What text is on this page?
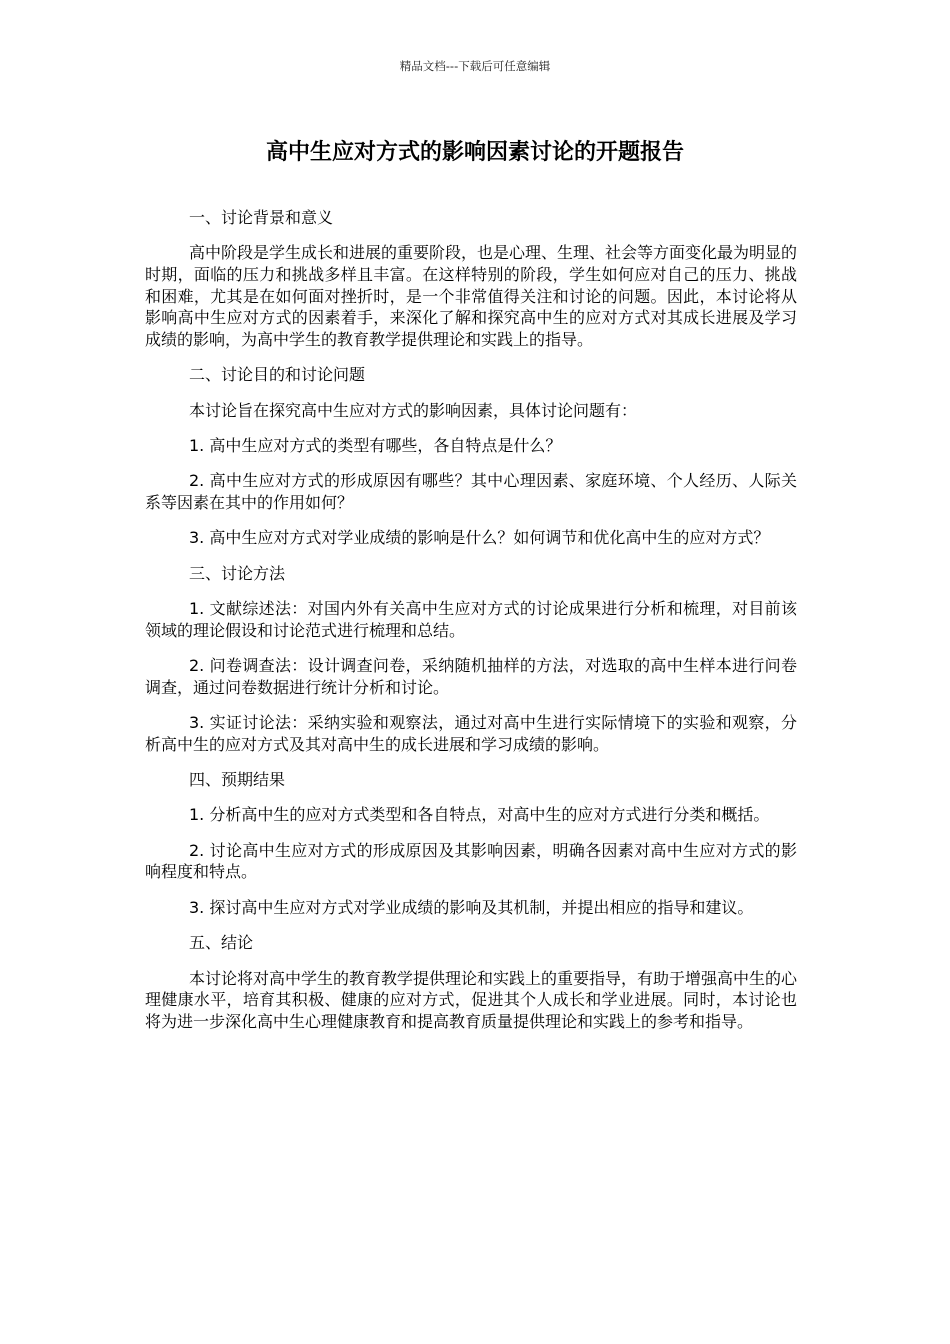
精品文档---下载后可任意编辑
高中生应对方式的影响因素讨论的开题报告

一、讨论背景和意义

高中阶段是学生成长和进展的重要阶段，也是心理、生理、社会等方面变化最为明显的时期，面临的压力和挑战多样且丰富。在这样特别的阶段，学生如何应对自己的压力、挑战和困难，尤其是在如何面对挫折时，是一个非常值得关注和讨论的问题。因此，本讨论将从影响高中生应对方式的因素着手，来深化了解和探究高中生的应对方式对其成长进展及学习成绩的影响，为高中学生的教育教学提供理论和实践上的指导。

二、讨论目的和讨论问题

本讨论旨在探究高中生应对方式的影响因素，具体讨论问题有：

1. 高中生应对方式的类型有哪些，各自特点是什么？

2. 高中生应对方式的形成原因有哪些？其中心理因素、家庭环境、个人经历、人际关系等因素在其中的作用如何？

3. 高中生应对方式对学业成绩的影响是什么？如何调节和优化高中生的应对方式？

三、讨论方法

1. 文献综述法：对国内外有关高中生应对方式的讨论成果进行分析和梳理，对目前该领域的理论假设和讨论范式进行梳理和总结。

2. 问卷调查法：设计调查问卷，采纳随机抽样的方法，对选取的高中生样本进行问卷调查，通过问卷数据进行统计分析和讨论。

3. 实证讨论法：采纳实验和观察法，通过对高中生进行实际情境下的实验和观察，分析高中生的应对方式及其对高中生的成长进展和学习成绩的影响。

四、预期结果

1. 分析高中生的应对方式类型和各自特点，对高中生的应对方式进行分类和概括。

2. 讨论高中生应对方式的形成原因及其影响因素，明确各因素对高中生应对方式的影响程度和特点。

3. 探讨高中生应对方式对学业成绩的影响及其机制，并提出相应的指导和建议。

五、结论

本讨论将对高中学生的教育教学提供理论和实践上的重要指导，有助于增强高中生的心理健康水平，培育其积极、健康的应对方式，促进其个人成长和学业进展。同时，本讨论也将为进一步深化高中生心理健康教育和提高教育质量提供理论和实践上的参考和指导。
